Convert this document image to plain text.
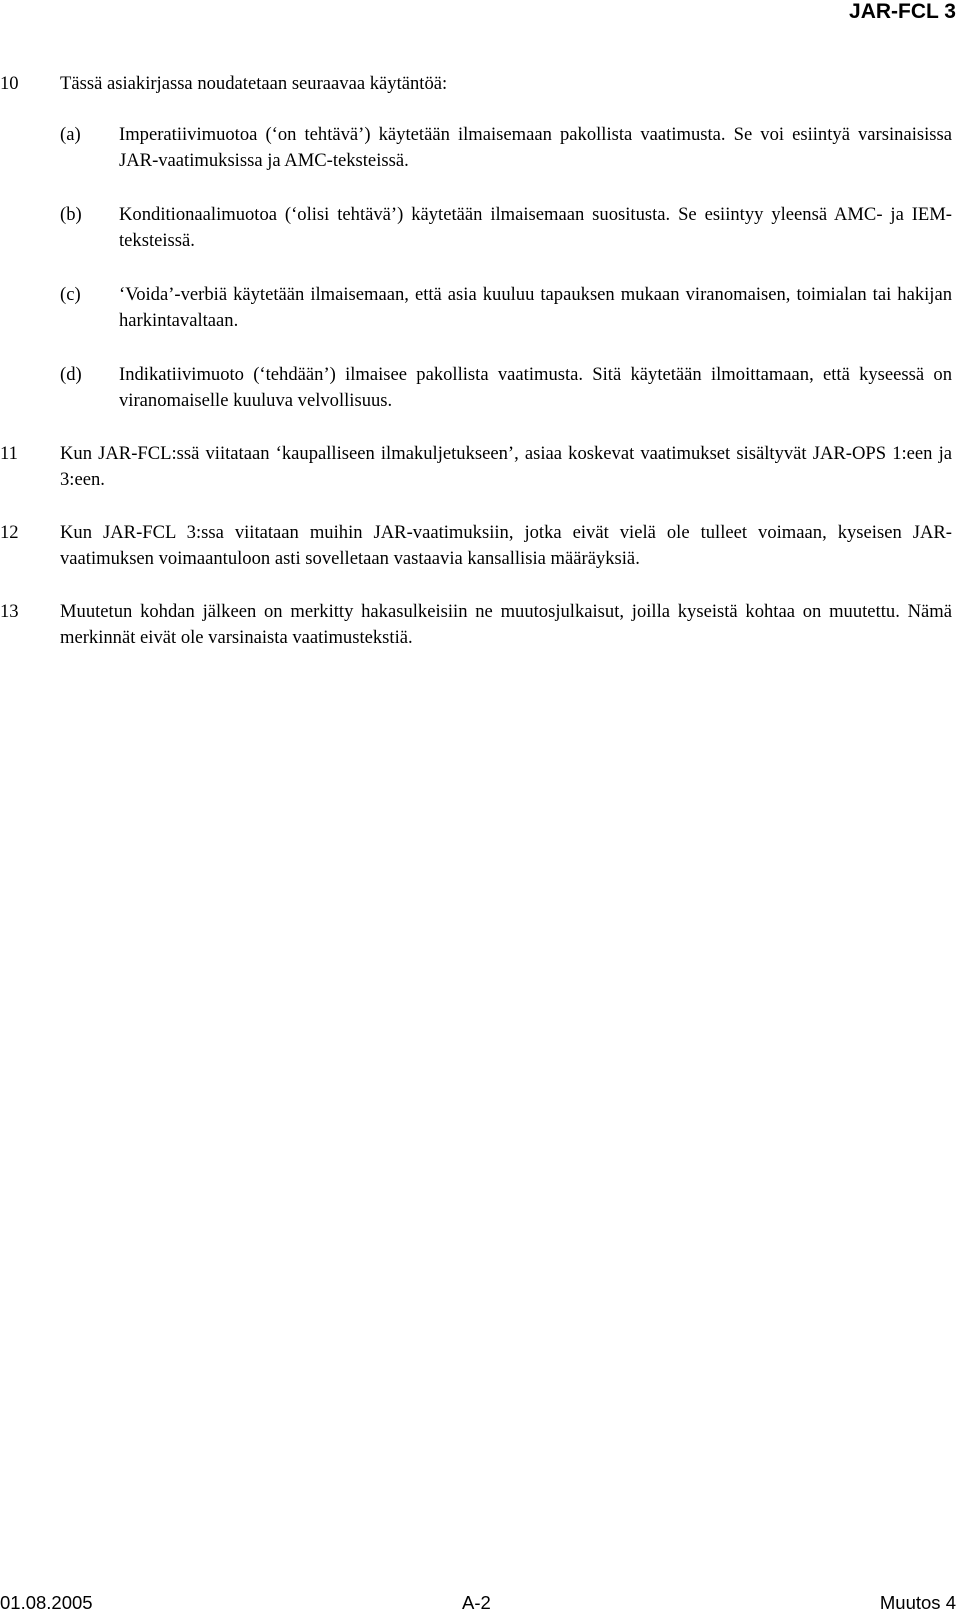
JAR-FCL 3
10 Tässä asiakirjassa noudatetaan seuraavaa käytäntöä:
(a) Imperatiivimuotoa (‘on tehtävä’) käytetään ilmaisemaan pakollista vaatimusta. Se voi esiintyä varsinaisissa JAR-vaatimuksissa ja AMC-teksteissä.
(b) Konditionaalimuotoa (‘olisi tehtävä’) käytetään ilmaisemaan suositusta. Se esiintyy yleensä AMC- ja IEM-teksteissä.
(c) ‘Voida’-verbiä käytetään ilmaisemaan, että asia kuuluu tapauksen mukaan viranomaisen, toimialan tai hakijan harkintavaltaan.
(d) Indikatiivimuoto (‘tehdään’) ilmaisee pakollista vaatimusta. Sitä käytetään ilmoittamaan, että kyseessä on viranomaiselle kuuluva velvollisuus.
11 Kun JAR-FCL:ssä viitataan ‘kaupalliseen ilmakuljetukseen’, asiaa koskevat vaatimukset sisältyvät JAR-OPS 1:een ja 3:een.
12 Kun JAR-FCL 3:ssa viitataan muihin JAR-vaatimuksiin, jotka eivät vielä ole tulleet voimaan, kyseisen JAR-vaatimuksen voimaantuloon asti sovelletaan vastaavia kansallisia määräyksiä.
13 Muutetun kohdan jälkeen on merkitty hakasulkeisiin ne muutosjulkaisut, joilla kyseistä kohtaa on muutettu. Nämä merkinnät eivät ole varsinaista vaatimustekstiä.
01.08.2005	A-2	Muutos 4
